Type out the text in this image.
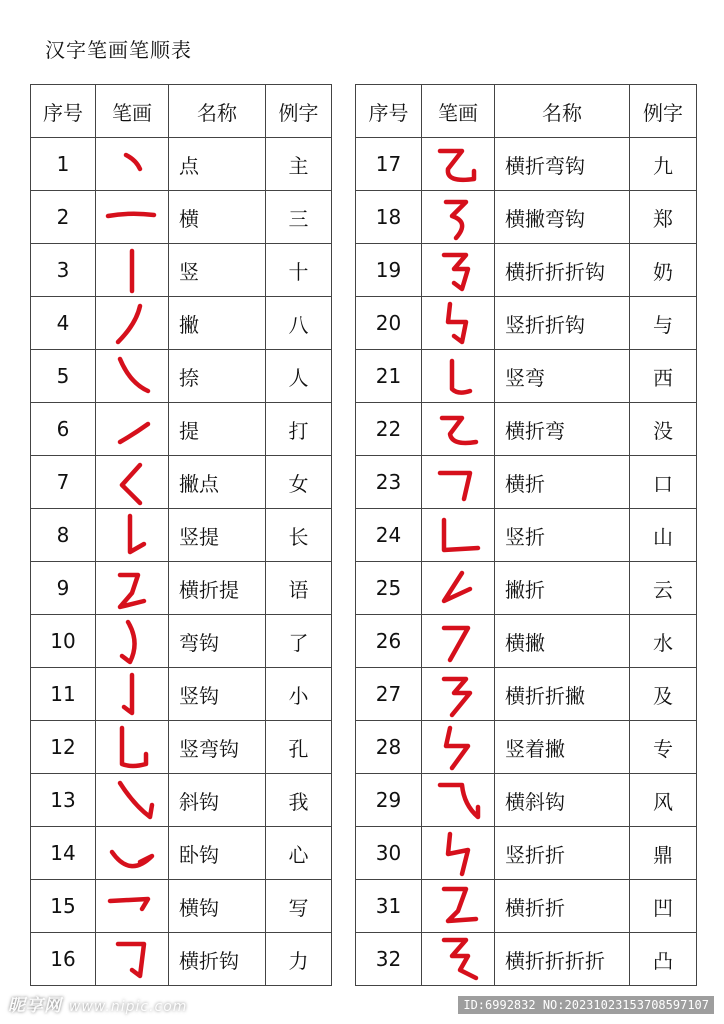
汉字笔画笔顺表
序号	笔画	名称	例字
1		点	主
2		横	三
3		竖	十
4		撇	八
5		捺	人
6		提	打
7		撇点	女
8		竖提	长
9		横折提	语
10		弯钩	了
11		竖钩	小
12		竖弯钩	孔
13		斜钩	我
14		卧钩	心
15		横钩	写
16		横折钩	力
序号	笔画	名称	例字
17		横折弯钩	九
18		横撇弯钩	郑
19		横折折折钩	奶
20		竖折折钩	与
21		竖弯	西
22		横折弯	没
23		横折	口
24		竖折	山
25		撇折	云
26		横撇	水
27		横折折撇	及
28		竖着撇	专
29		横斜钩	风
30		竖折折	鼎
31		横折折	凹
32		横折折折折	凸
昵享网 www.nipic.com	ID:6992832 NO:20231023153708597107
